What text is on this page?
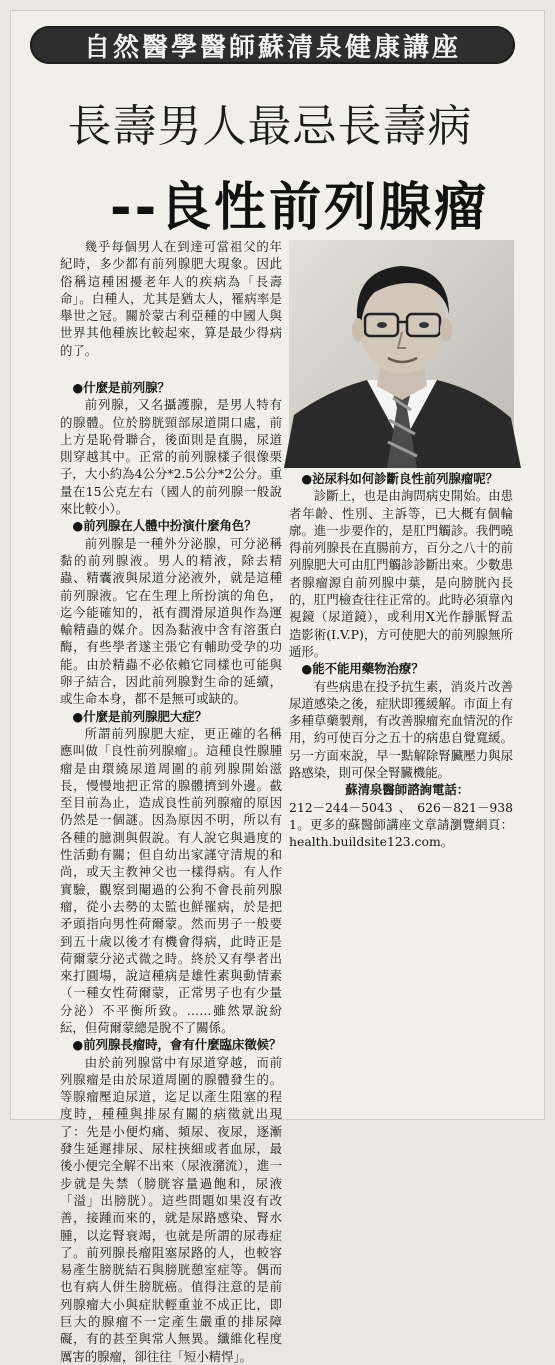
自然醫學醫師蘇清泉健康講座
長壽男人最忌長壽病
--良性前列腺瘤

幾乎每個男人在到達可當祖父的年紀時，多少都有前列腺肥大現象。因此俗稱這種困擾老年人的疾病為「長壽命」。白種人，尤其是猶太人，罹病率是舉世之冠。關於蒙古利亞種的中國人與世界其他種族比較起來，算是最少得病的了。

●什麼是前列腺？

前列腺，又名攝護腺，是男人特有的腺體。位於膀胱頸部尿道開口處，前上方是恥骨聯合，後面則是直腸，尿道則穿越其中。正常的前列腺樣子很像栗子，大小約為4公分*2.5公分*2公分。重量在15公克左右（國人的前列腺一般說來比較小）。

●前列腺在人體中扮演什麼角色？

前列腺是一種外分泌腺，可分泌稱黏的前列腺液。男人的精液，除去精蟲、精囊液與尿道分泌液外，就是這種前列腺液。它在生理上所扮演的角色，迄今能確知的，祇有潤滑尿道與作為運輸精蟲的媒介。因為黏液中含有溶蛋白酶，有些學者遂主張它有輔助受孕的功能。由於精蟲不必依賴它同樣也可能與卵子結合，因此前列腺對生命的延續，或生命本身，都不是無可或缺的。

●什麼是前列腺肥大症？

所謂前列腺肥大症，更正確的名稱應叫做「良性前列腺瘤」。這種良性腺腫瘤是由環繞尿道周圍的前列腺開始滋長，慢慢地把正常的腺體擠到外邊。截至目前為止，造成良性前列腺瘤的原因仍然是一個謎。因為原因不明，所以有各種的臆測與假說。有人說它與過度的性活動有關；但自幼出家謹守清規的和尚，或天主教神父也一樣得病。有人作實驗，觀察到閹過的公狗不會長前列腺瘤，從小去勢的太監也鮮罹病，於是把矛頭指向男性荷爾蒙。然而男子一般要到五十歲以後才有機會得病，此時正是荷爾蒙分泌式微之時。終於又有學者出來打圓場，說這種病是雄性素與動情素（一種女性荷爾蒙，正常男子也有少量分泌）不平衡所致。……雖然眾說紛紜，但荷爾蒙總是脫不了關係。

●前列腺長瘤時，會有什麼臨床徵候？

由於前列腺當中有尿道穿越，而前列腺瘤是由於尿道周圍的腺體發生的。等腺瘤壓迫尿道，迄足以產生阻塞的程度時，種種與排尿有關的病徵就出現了：先是小便灼痛、頻尿、夜尿，逐漸發生延遲排尿、尿柱挾細或者血尿，最後小便完全解不出來（尿液瀦流），進一步就是失禁（膀胱容量過飽和，尿液「溢」出膀胱）。這些問題如果沒有改善，接踵而來的，就是尿路感染、腎水腫，以迄腎衰竭，也就是所謂的尿毒症了。前列腺長瘤阻塞尿路的人，也較容易產生膀胱結石與膀胱憩室症等。偶而也有病人併生膀胱癌。值得注意的是前列腺瘤大小與症狀輕重並不成正比，即巨大的腺瘤不一定產生嚴重的排尿障礙，有的甚至與常人無異。纖維化程度厲害的腺瘤，卻往往「短小精悍」。

●泌尿科如何診斷良性前列腺瘤呢？

診斷上，也是由詢問病史開始。由患者年齡、性別、主訴等，已大概有個輪廓。進一步要作的，是肛門觸診。我們曉得前列腺長在直腸前方，百分之八十的前列腺肥大可由肛門觸診診斷出來。少數患者腺瘤源自前列腺中葉，是向膀胱內長的，肛門檢查往往正常的。此時必須靠內視鏡（尿道鏡），或利用X光作靜脈腎盂造影術(I.V.P)，方可使肥大的前列腺無所遁形。

●能不能用藥物治療？

有些病患在投予抗生素，消炎片改善尿道感染之後，症狀即獲緩解。市面上有多種草藥製劑，有改善腺瘤充血情況的作用，約可使百分之五十的病患自覺寬緩。另一方面來說，早一點解除腎臟壓力與尿路感染，則可保全腎臟機能。

蘇清泉醫師諮詢電話：

212－244－5043、626－821－9381。更多的蘇醫師講座文章請瀏覽網頁：health.buildsite123.com。
